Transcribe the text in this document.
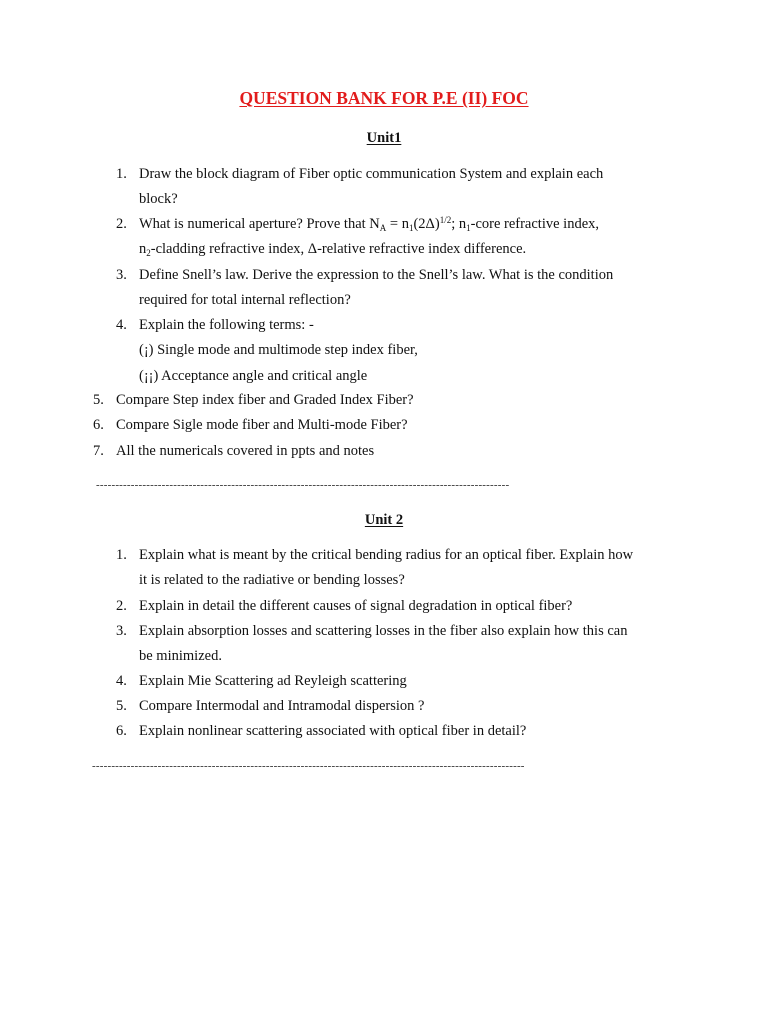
QUESTION BANK FOR P.E (II) FOC
Unit1
1. Draw the block diagram of Fiber optic communication System and explain each
block?
2. What is numerical aperture? Prove that $N_A = n_1(2\Delta)^{1/2}$; $n_1$-core refractive index,
$n_2$-cladding refractive index, Δ-relative refractive index difference.
3. Define Snell’s law. Derive the expression to the Snell’s law. What is the condition
required for total internal reflection?
4. Explain the following terms: -
(¡) Single mode and multimode step index fiber,
(¡¡) Acceptance angle and critical angle
5. Compare Step index fiber and Graded Index Fiber?
6. Compare Sigle mode fiber and Multi-mode Fiber?
7. All the numericals covered in ppts and notes
-----------------------------------------------------------------------------------------------------------
Unit 2
1. Explain what is meant by the critical bending radius for an optical fiber. Explain how
it is related to the radiative or bending losses?
2. Explain in detail the different causes of signal degradation in optical fiber?
3. Explain absorption losses and scattering losses in the fiber also explain how this can
be minimized.
4. Explain Mie Scattering ad Reyleigh scattering
5. Compare Intermodal and Intramodal dispersion ?
6. Explain nonlinear scattering associated with optical fiber in detail?
----------------------------------------------------------------------------------------------------------------
